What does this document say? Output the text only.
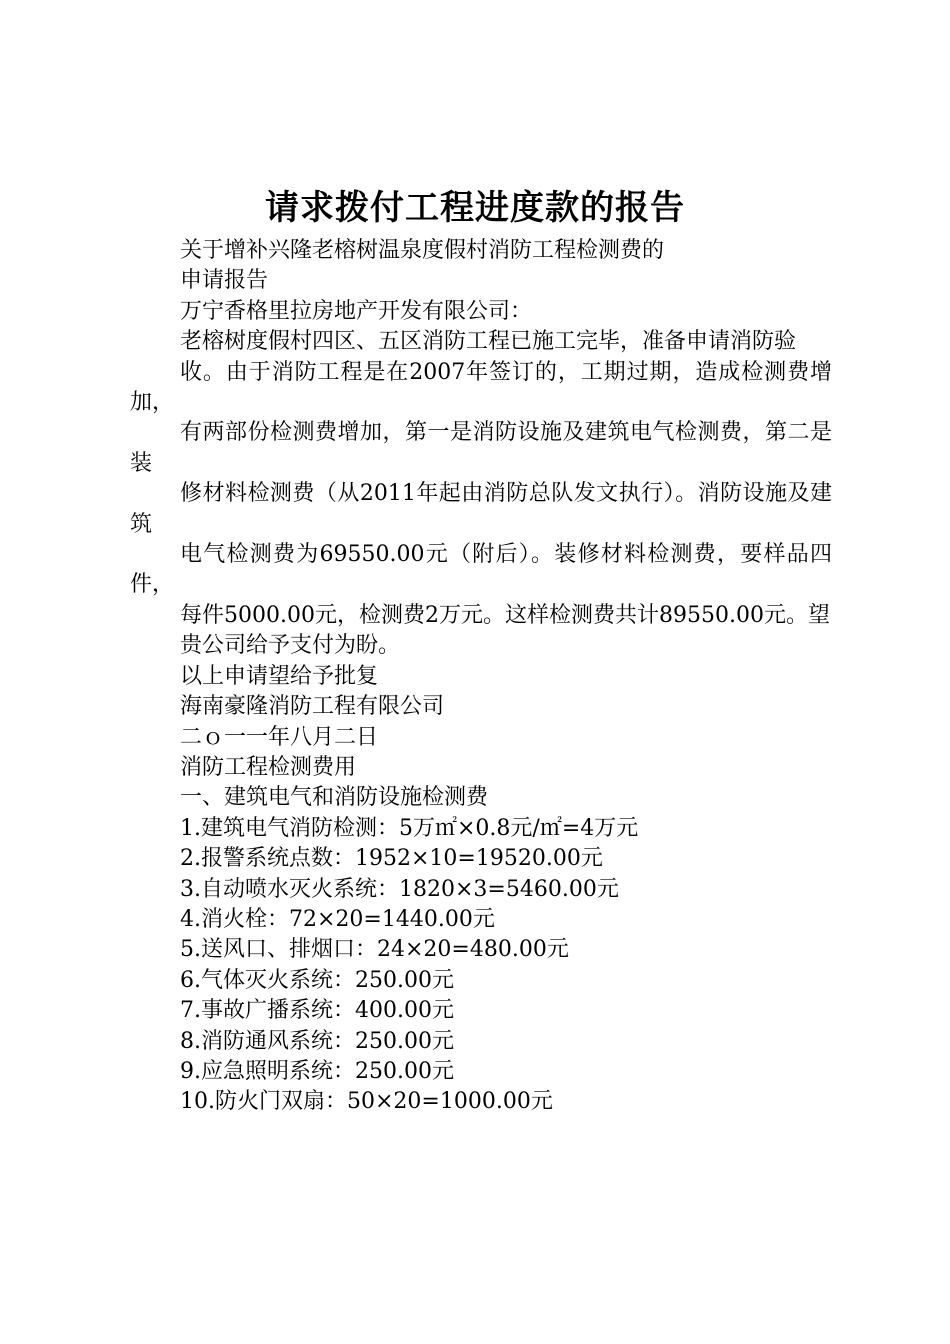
请求拨付工程进度款的报告

关于增补兴隆老榕树温泉度假村消防工程检测费的

申请报告

万宁香格里拉房地产开发有限公司：

老榕树度假村四区、五区消防工程已施工完毕，准备申请消防验

收。由于消防工程是在2007年签订的，工期过期，造成检测费增加，

有两部份检测费增加，第一是消防设施及建筑电气检测费，第二是装

修材料检测费（从2011年起由消防总队发文执行）。消防设施及建筑

电气检测费为69550.00元（附后）。装修材料检测费，要样品四件，

每件5000.00元，检测费2万元。这样检测费共计89550.00元。望

贵公司给予支付为盼。

以上申请望给予批复

海南豪隆消防工程有限公司

二ｏ一一年八月二日

消防工程检测费用

一、建筑电气和消防设施检测费

1.建筑电气消防检测：5万㎡×0.8元/㎡=4万元

2.报警系统点数：1952×10=19520.00元

3.自动喷水灭火系统：1820×3=5460.00元

4.消火栓：72×20=1440.00元

5.送风口、排烟口：24×20=480.00元

6.气体灭火系统：250.00元

7.事故广播系统：400.00元

8.消防通风系统：250.00元

9.应急照明系统：250.00元

10.防火门双扇：50×20=1000.00元
